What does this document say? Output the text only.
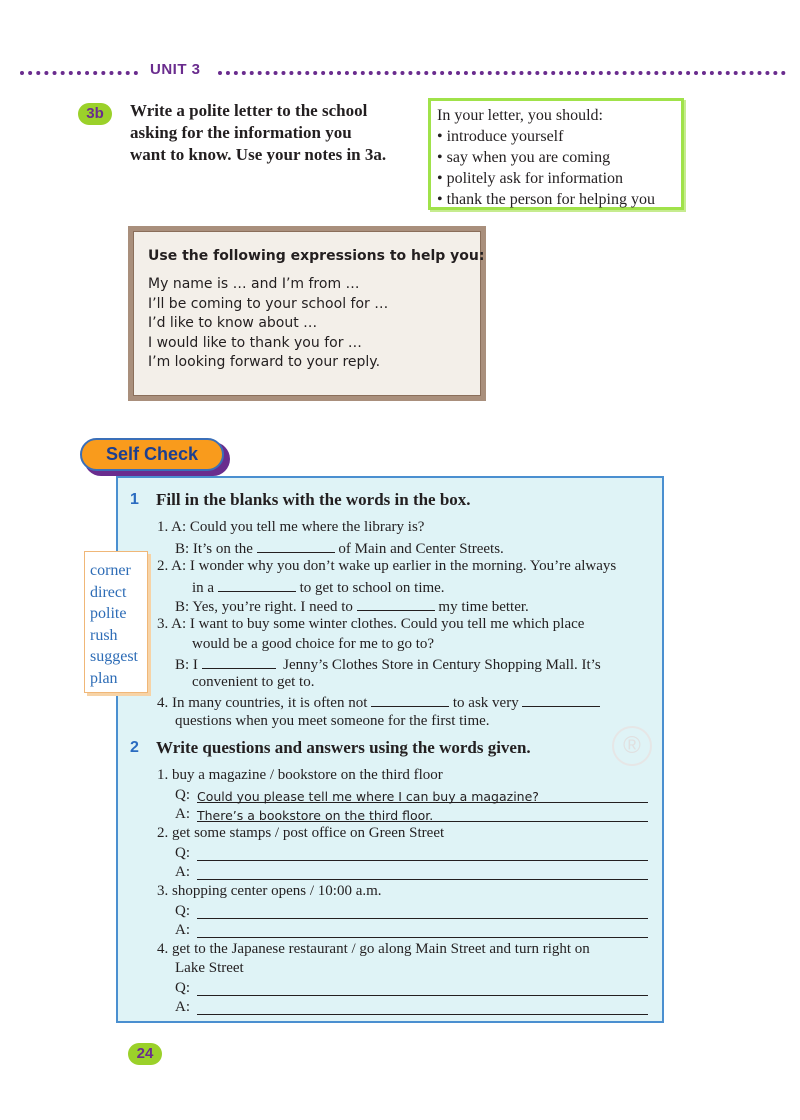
UNIT 3
3b	Write a polite letter to the school
asking for the information you
want to know. Use your notes in 3a.
In your letter, you should:
• introduce yourself
• say when you are coming
• politely ask for information
• thank the person for helping you
Use the following expressions to help you:
My name is … and I’m from …
I’ll be coming to your school for …
I’d like to know about …
I would like to thank you for …
I’m looking forward to your reply.
Self Check
®
1 Fill in the blanks with the words in the box.
1. A: Could you tell me where the library is?
B: It’s on the	of Main and Center Streets.
2. A: I wonder why you don’t wake up earlier in the morning. You’re always
in a	to get to school on time.
B: Yes, you’re right. I need to	my time better.
3. A: I want to buy some winter clothes. Could you tell me which place
would be a good choice for me to go to?
B: I	Jenny’s Clothes Store in Century Shopping Mall. It’s
convenient to get to.
4. In many countries, it is often not	to ask very
questions when you meet someone for the first time.
corner
direct
polite
rush
suggest
plan
2 Write questions and answers using the words given.
1. buy a magazine / bookstore on the third floor
Q: Could you please tell me where I can buy a magazine?
A: There’s a bookstore on the third floor.
2. get some stamps / post office on Green Street
Q:
A:
3. shopping center opens / 10:00 a.m.
Q:
A:
4. get to the Japanese restaurant / go along Main Street and turn right on
Lake Street
Q:
A:
24
